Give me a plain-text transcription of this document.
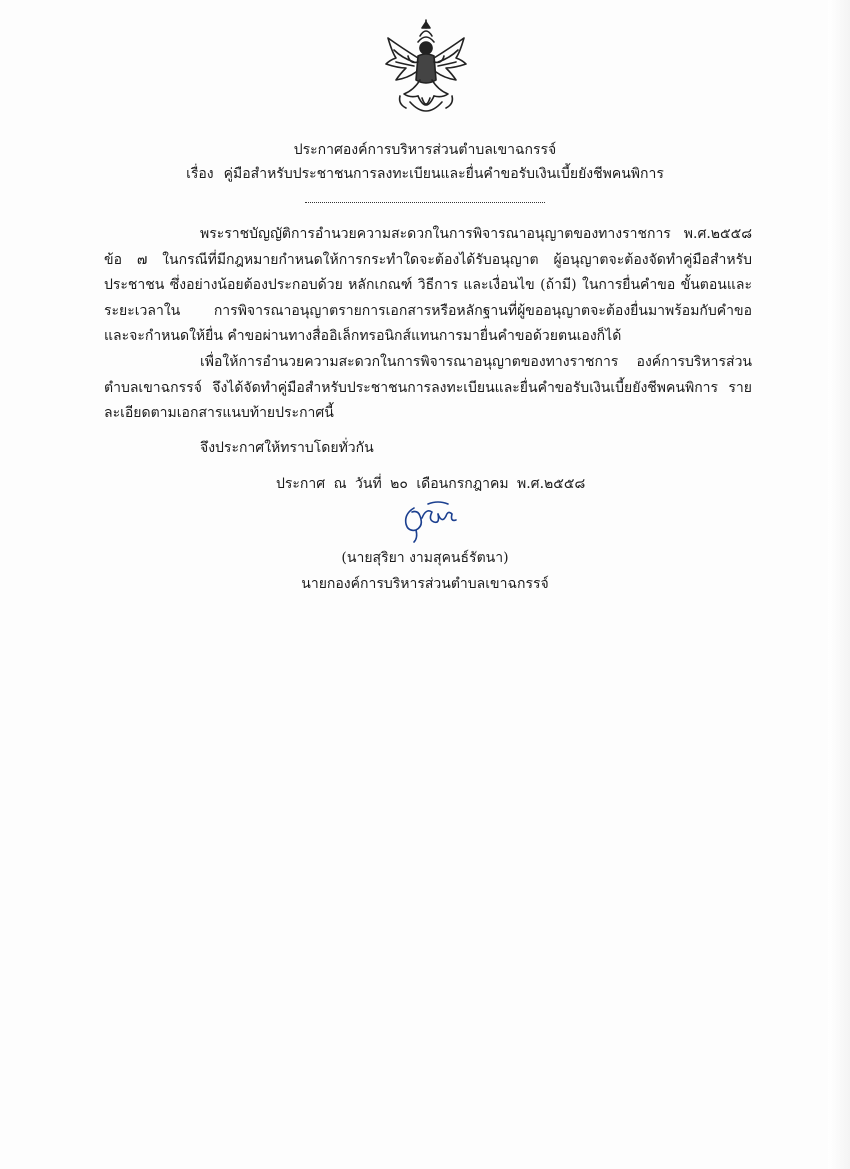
ประกาศองค์การบริหารส่วนตำบลเขาฉกรรจ์
เรื่อง คู่มือสำหรับประชาชนการลงทะเบียนและยื่นคำขอรับเงินเบี้ยยังชีพคนพิการ
พระราชบัญญัติการอำนวยความสะดวกในการพิจารณาอนุญาตของทางราชการ พ.ศ.๒๕๕๘ ข้อ ๗ ในกรณีที่มีกฎหมายกำหนดให้การกระทำใดจะต้องได้รับอนุญาต ผู้อนุญาตจะต้องจัดทำคู่มือสำหรับประชาชน ซึ่งอย่างน้อยต้องประกอบด้วย หลักเกณฑ์ วิธีการ และเงื่อนไข (ถ้ามี) ในการยื่นคำขอ ขั้นตอนและระยะเวลาใน การพิจารณาอนุญาตรายการเอกสารหรือหลักฐานที่ผู้ขออนุญาตจะต้องยื่นมาพร้อมกับคำขอ และจะกำหนดให้ยื่น คำขอผ่านทางสื่ออิเล็กทรอนิกส์แทนการมายื่นคำขอด้วยตนเองก็ได้
เพื่อให้การอำนวยความสะดวกในการพิจารณาอนุญาตของทางราชการ องค์การบริหารส่วน ตำบลเขาฉกรรจ์ จึงได้จัดทำคู่มือสำหรับประชาชนการลงทะเบียนและยื่นคำขอรับเงินเบี้ยยังชีพคนพิการ รายละเอียดตามเอกสารแนบท้ายประกาศนี้
จึงประกาศให้ทราบโดยทั่วกัน
ประกาศ ณ วันที่ ๒๐ เดือนกรกฎาคม พ.ศ.๒๕๕๘
(นายสุริยา งามสุคนธ์รัตนา)
นายกองค์การบริหารส่วนตำบลเขาฉกรรจ์
